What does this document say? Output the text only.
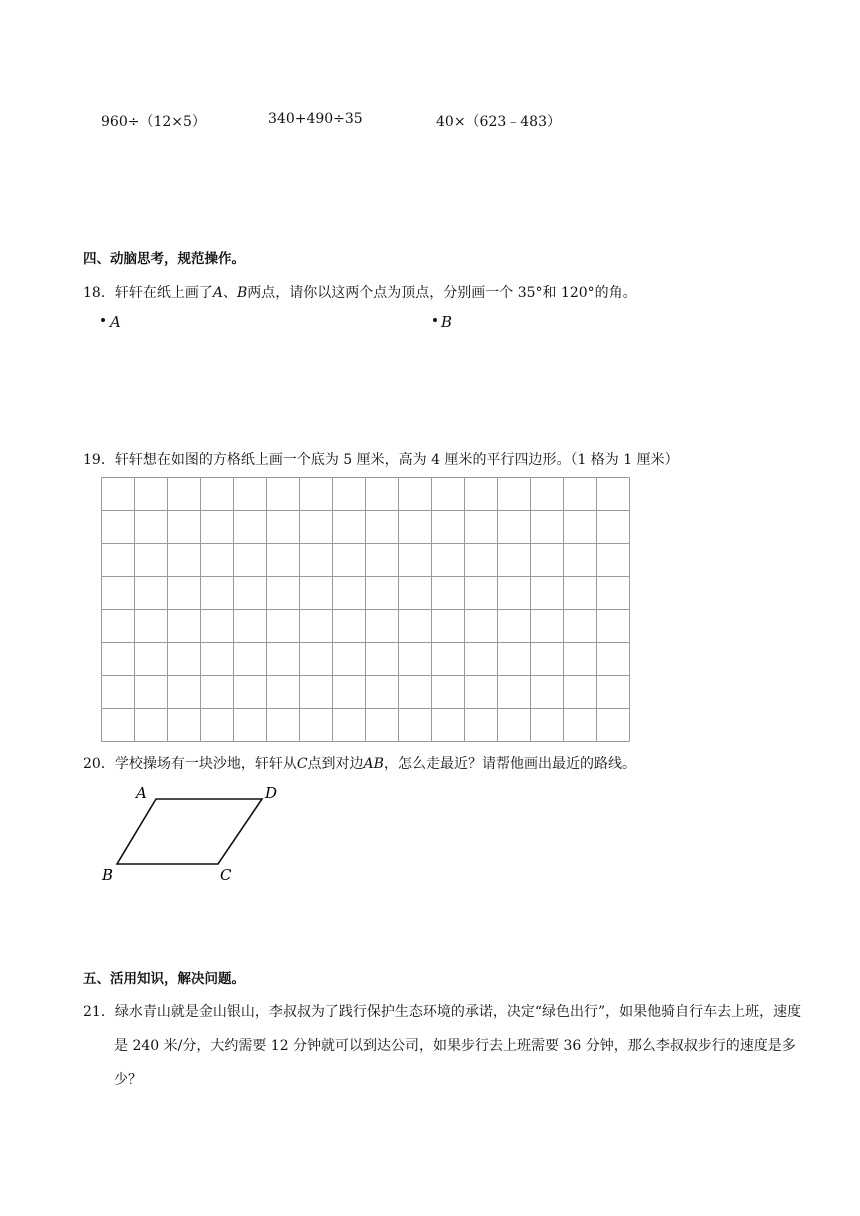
960÷（12×5）	340+490÷35	40×（623﹣483）
四、动脑思考，规范操作。
18．轩轩在纸上画了A、B两点，请你以这两个点为顶点，分别画一个 35°和 120°的角。
A	B
19．轩轩想在如图的方格纸上画一个底为 5 厘米，高为 4 厘米的平行四边形。（1 格为 1 厘米）
20．学校操场有一块沙地，轩轩从C点到对边AB，怎么走最近？请帮他画出最近的路线。
A	D
B	C
五、活用知识，解决问题。
21．绿水青山就是金山银山，李叔叔为了践行保护生态环境的承诺，决定“绿色出行”，如果他骑自行车去上班，速度是 240 米/分，大约需要 12 分钟就可以到达公司，如果步行去上班需要 36 分钟，那么李叔叔步行的速度是多少？
